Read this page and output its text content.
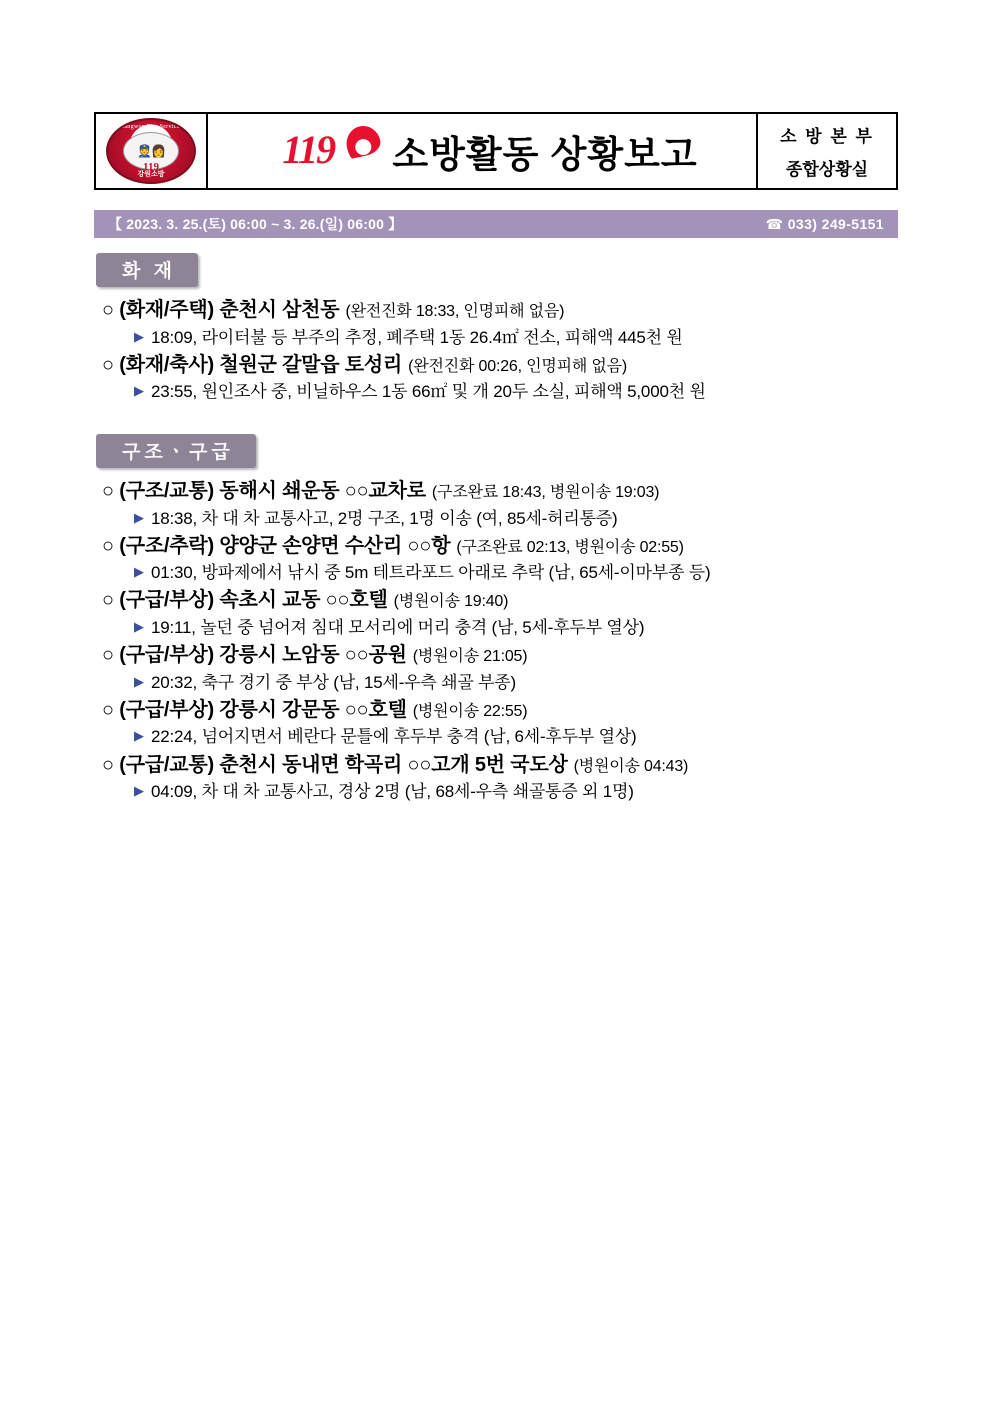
Gangwon Fire Services
👮👩
119
강원소방
119 소방활동 상황보고	소 방 본 부
종합상황실
【 2023. 3. 25.(토) 06:00 ~ 3. 26.(일) 06:00 】	☎ 033) 249-5151
화 재
○ (화재/주택) 춘천시 삼천동 (완전진화 18:33, 인명피해 없음)
▶ 18:09, 라이터불 등 부주의 추정, 폐주택 1동 26.4㎡ 전소, 피해액 445천 원
○ (화재/축사) 철원군 갈말읍 토성리 (완전진화 00:26, 인명피해 없음)
▶ 23:55, 원인조사 중, 비닐하우스 1동 66㎡ 및 개 20두 소실, 피해액 5,000천 원
구조ㆍ구급
○ (구조/교통) 동해시 쇄운동 ○○교차로 (구조완료 18:43, 병원이송 19:03)
▶ 18:38, 차 대 차 교통사고, 2명 구조, 1명 이송 (여, 85세-허리통증)
○ (구조/추락) 양양군 손양면 수산리 ○○항 (구조완료 02:13, 병원이송 02:55)
▶ 01:30, 방파제에서 낚시 중 5m 테트라포드 아래로 추락 (남, 65세-이마부종 등)
○ (구급/부상) 속초시 교동 ○○호텔 (병원이송 19:40)
▶ 19:11, 놀던 중 넘어져 침대 모서리에 머리 충격 (남, 5세-후두부 열상)
○ (구급/부상) 강릉시 노암동 ○○공원 (병원이송 21:05)
▶ 20:32, 축구 경기 중 부상 (남, 15세-우측 쇄골 부종)
○ (구급/부상) 강릉시 강문동 ○○호텔 (병원이송 22:55)
▶ 22:24, 넘어지면서 베란다 문틀에 후두부 충격 (남, 6세-후두부 열상)
○ (구급/교통) 춘천시 동내면 학곡리 ○○고개 5번 국도상 (병원이송 04:43)
▶ 04:09, 차 대 차 교통사고, 경상 2명 (남, 68세-우측 쇄골통증 외 1명)
